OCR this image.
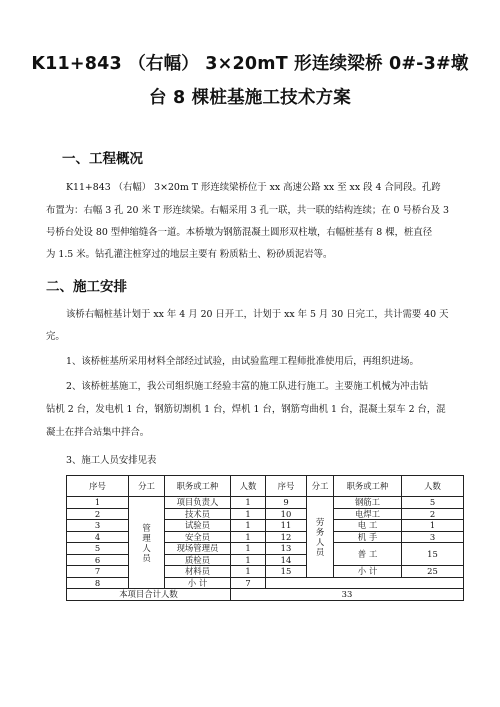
K11+843 （右幅） 3×20mT 形连续梁桥 0#-3#墩
台 8 棵桩基施工技术方案
一、工程概况
K11+843 （右幅） 3×20m T 形连续梁桥位于 xx 高速公路 xx 至 xx 段 4 合同段。孔跨
布置为：右幅 3 孔 20 米 T 形连续梁。右幅采用 3 孔一联，共一联的结构连续；在 0 号桥台及 3
号桥台处设 80 型伸缩缝各一道。本桥墩为钢筋混凝土圆形双柱墩，右幅桩基有 8 棵，桩直径
为 1.5 米。钻孔灌注桩穿过的地层主要有 粉质粘土、粉砂质泥岩等。
二、施工安排
该桥右幅桩基计划于 xx 年 4 月 20 日开工，计划于 xx 年 5 月 30 日完工，共计需要 40 天
完。
1、该桥桩基所采用材料全部经过试验，由试验监理工程师批准使用后，再组织进场。
2、该桥桩基施工，我公司组织施工经验丰富的施工队进行施工。主要施工机械为冲击钻
钻机 2 台，发电机 1 台，钢筋切割机 1 台，焊机 1 台，钢筋弯曲机 1 台，混凝土泵车 2 台，混
凝土在拌合站集中拌合。
3、施工人员安排见表
序号	分工	职务或工种	人数	序号	分工	职务或工种	人数
1	管
理
人
员	项目负责人	1	9	劳
务
人
员	钢筋工	5
2		技术员	1	10		电焊工	2
3		试验员	1	11		电 工	1
4		安全员	1	12		机 手	3
5		现场管理员	1	13		普 工	15
6		质检员	1	14			
7		材料员	1	15		小 计	25
8		小 计	7				
本项目合计人数			33				
